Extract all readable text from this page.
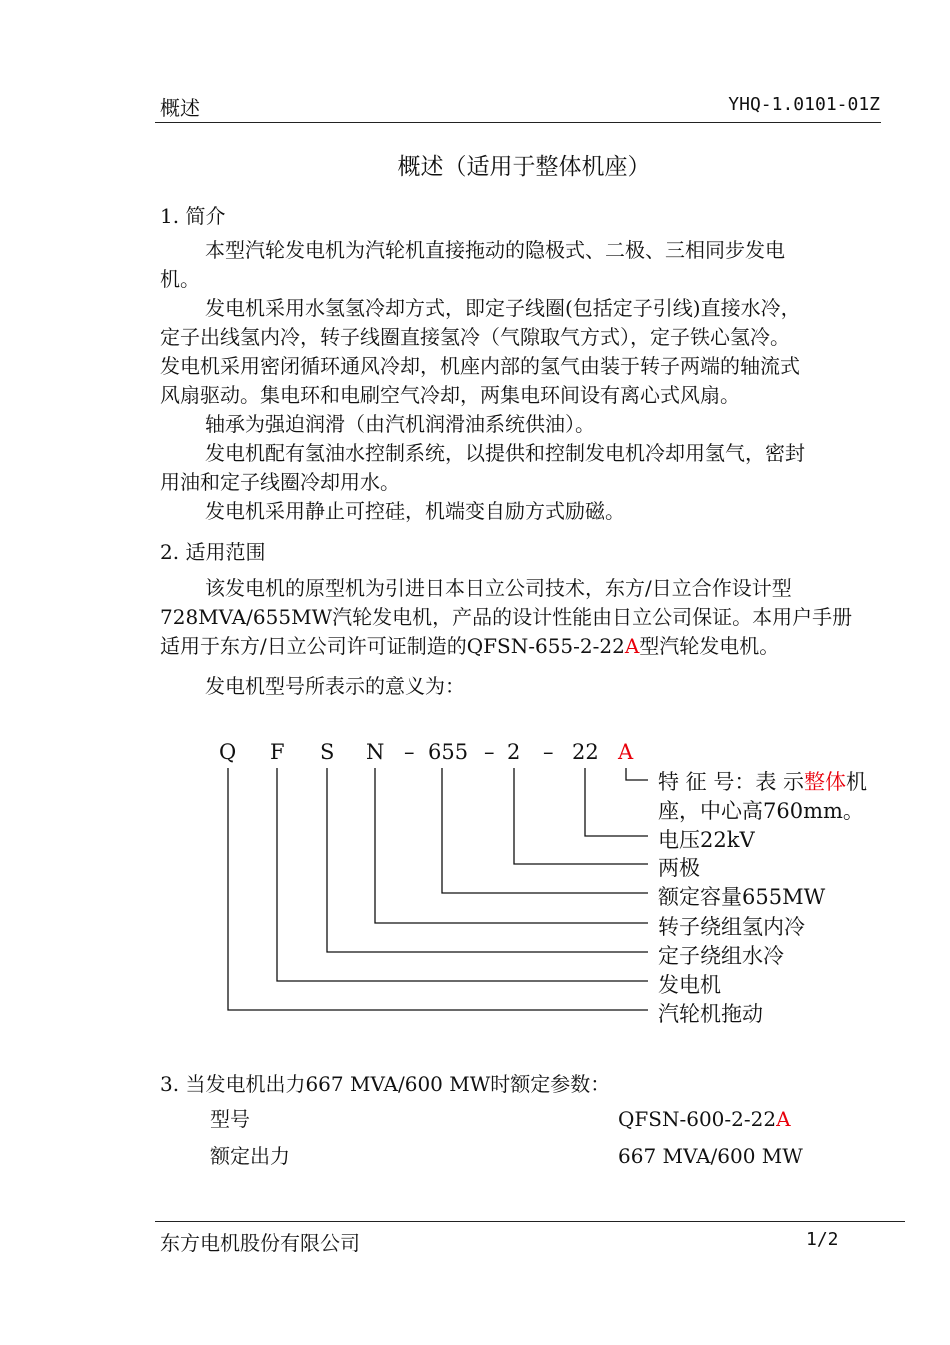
概述	YHQ-1.0101-01Z
概述（适用于整体机座）
1. 简介
本型汽轮发电机为汽轮机直接拖动的隐极式、二极、三相同步发电
机。
发电机采用水氢氢冷却方式，即定子线圈(包括定子引线)直接水冷，
定子出线氢内冷，转子线圈直接氢冷（气隙取气方式），定子铁心氢冷。
发电机采用密闭循环通风冷却，机座内部的氢气由装于转子两端的轴流式
风扇驱动。集电环和电刷空气冷却，两集电环间设有离心式风扇。
轴承为强迫润滑（由汽机润滑油系统供油）。
发电机配有氢油水控制系统，以提供和控制发电机冷却用氢气，密封
用油和定子线圈冷却用水。
发电机采用静止可控硅，机端变自励方式励磁。
2. 适用范围
该发电机的原型机为引进日本日立公司技术，东方/日立合作设计型
728MVA/655MW汽轮发电机，产品的设计性能由日立公司保证。本用户手册
适用于东方/日立公司许可证制造的QFSN-655-2-22A型汽轮发电机。
发电机型号所表示的意义为：
Q F S N – 655 – 2 – 22 A
特 征 号：表 示整体机
座，中心高760mm。
电压22kV
两极
额定容量655MW
转子绕组氢内冷
定子绕组水冷
发电机
汽轮机拖动
3. 当发电机出力667 MVA/600 MW时额定参数：
型号	QFSN-600-2-22A
额定出力	667 MVA/600 MW
东方电机股份有限公司	1/2
